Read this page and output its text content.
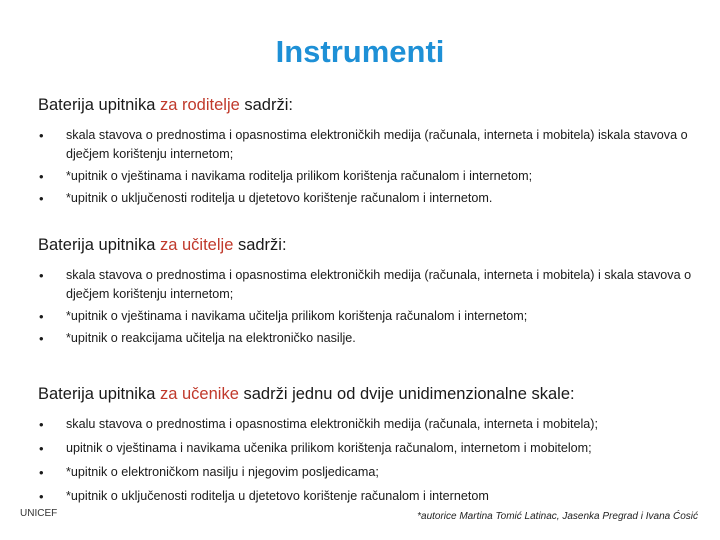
Instrumenti
Baterija upitnika za roditelje sadrži:
• skala stavova o prednostima i opasnostima elektroničkih medija (računala, interneta i mobitela) iskala stavova o dječjem korištenju internetom;
• *upitnik o vještinama i navikama roditelja prilikom korištenja računalom i internetom;
• *upitnik o uključenosti roditelja u djetetovo korištenje računalom i internetom.
Baterija upitnika za učitelje sadrži:
• skala stavova o prednostima i opasnostima elektroničkih medija (računala, interneta i mobitela) i skala stavova o dječjem korištenju internetom;
• *upitnik o vještinama i navikama učitelja prilikom korištenja računalom i internetom;
• *upitnik o reakcijama učitelja na elektroničko nasilje.
Baterija upitnika za učenike sadrži jednu od dvije unidimenzionalne skale:
• skalu stavova o prednostima i opasnostima elektroničkih medija (računala, interneta i mobitela);
• upitnik o vještinama i navikama učenika prilikom korištenja računalom, internetom i mobitelom;
• *upitnik o elektroničkom nasilju i njegovim posljedicama;
• *upitnik o uključenosti roditelja u djetetovo korištenje računalom i internetom
UNICEF	*autorice Martina Tomić Latinac, Jasenka Pregrad i Ivana Ćosić
